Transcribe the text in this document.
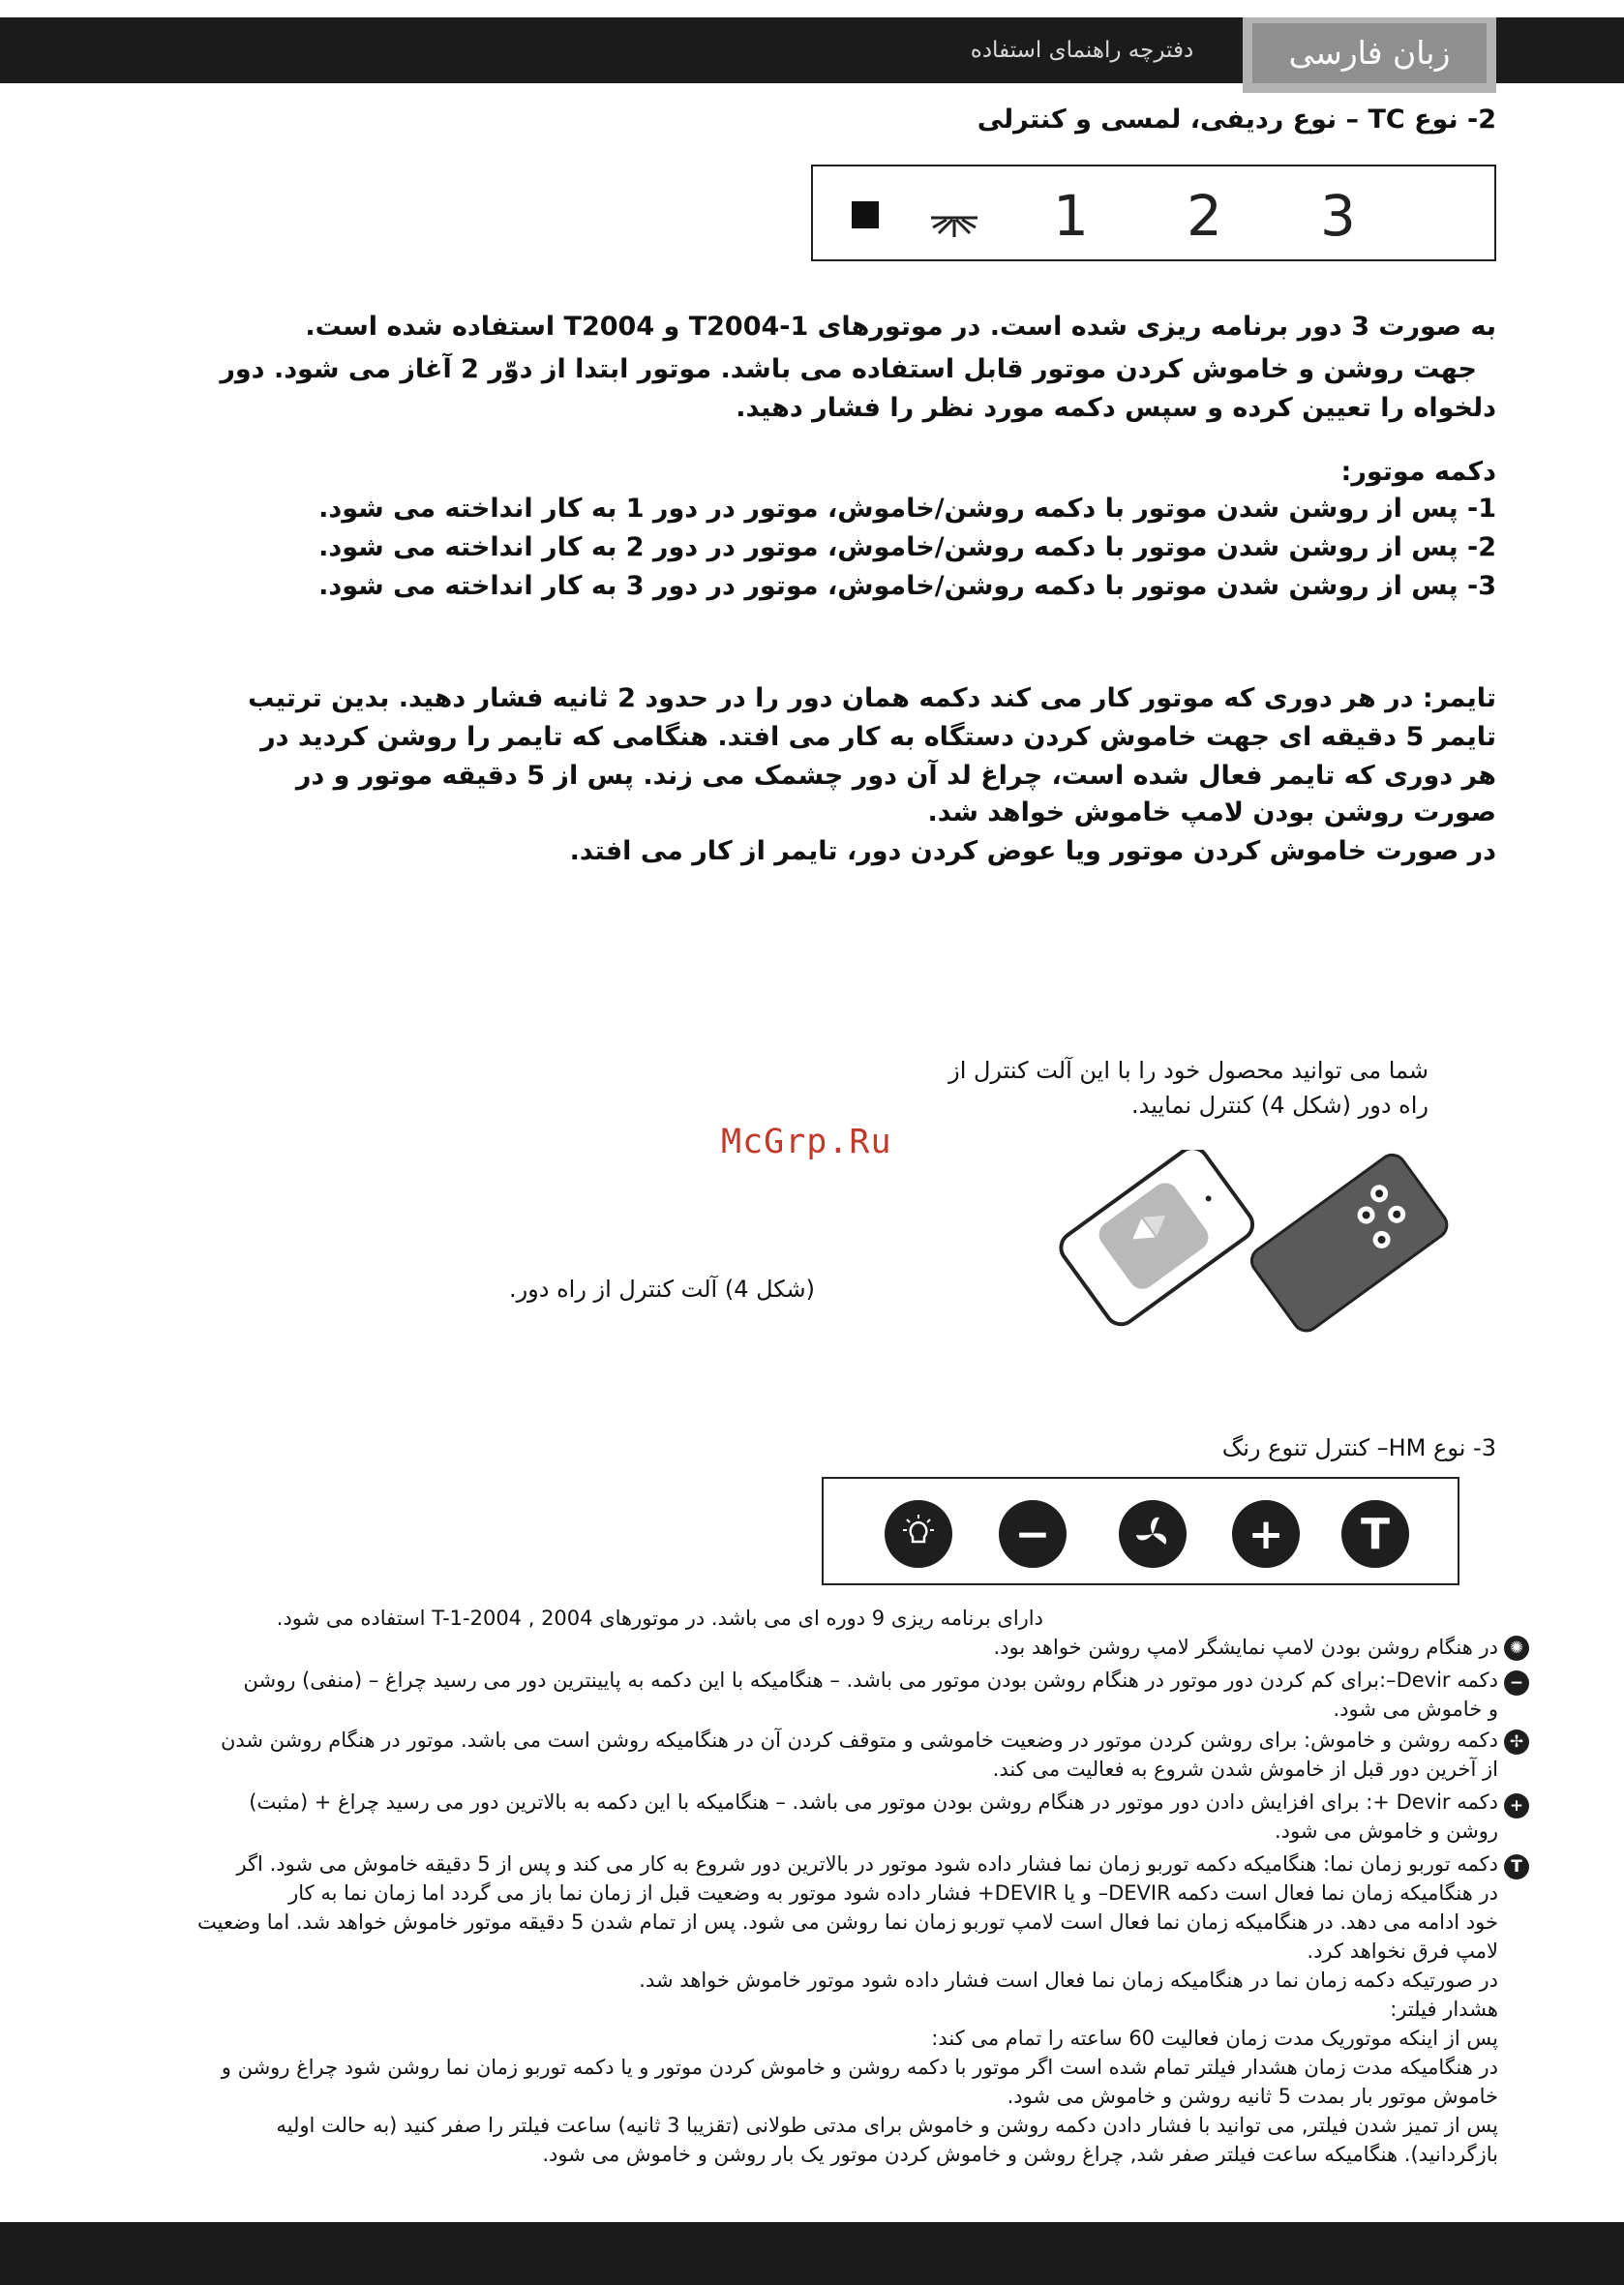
دفترچه راهنمای استفاده	زبان فارسی
2- نوع TC – نوع ردیفی، لمسی و کنترلی
1 2 3
به صورت 3 دور برنامه ریزی شده است. در موتورهای T2004-1 و T2004 استفاده شده است.
جهت روشن و خاموش کردن موتور قابل استفاده می باشد. موتور ابتدا از دوّر 2 آغاز می شود. دور
دلخواه را تعیین کرده و سپس دکمه مورد نظر را فشار دهید.
دکمه موتور:
1- پس از روشن شدن موتور با دکمه روشن/خاموش، موتور در دور 1 به کار انداخته می شود.
2- پس از روشن شدن موتور با دکمه روشن/خاموش، موتور در دور 2 به کار انداخته می شود.
3- پس از روشن شدن موتور با دکمه روشن/خاموش، موتور در دور 3 به کار انداخته می شود.
تایمر: در هر دوری که موتور کار می کند دکمه همان دور را در حدود 2 ثانیه فشار دهید. بدین ترتیب
تایمر 5 دقیقه ای جهت خاموش کردن دستگاه به کار می افتد. هنگامی که تایمر را روشن کردید در
هر دوری که تایمر فعال شده است، چراغ لد آن دور چشمک می زند. پس از 5 دقیقه موتور و در
صورت روشن بودن لامپ خاموش خواهد شد.
در صورت خاموش کردن موتور ویا عوض کردن دور، تایمر از کار می افتد.
شما می توانید محصول خود را با این آلت کنترل از
راه دور (شکل 4) کنترل نمایید.
McGrp.Ru
(شکل 4) آلت کنترل از راه دور.
3- نوع HM– کنترل تنوع رنگ
−	+	T
دارای برنامه ریزی 9 دوره ای می باشد. در موتورهای T-1-2004 , 2004 استفاده می شود.
✺
در هنگام روشن بودن لامپ نمایشگر لامپ روشن خواهد بود.
−
دکمه Devir–:برای کم کردن دور موتور در هنگام روشن بودن موتور می باشد. – هنگامیکه با این دکمه به پایینترین دور می رسید چراغ – (منفی) روشن
و خاموش می شود.
✢
دکمه روشن و خاموش: برای روشن کردن موتور در وضعیت خاموشی و متوقف کردن آن در هنگامیکه روشن است می باشد. موتور در هنگام روشن شدن
از آخرین دور قبل از خاموش شدن شروع به فعالیت می کند.
+
دکمه Devir +: برای افزایش دادن دور موتور در هنگام روشن بودن موتور می باشد. – هنگامیکه با این دکمه به بالاترین دور می رسید چراغ + (مثبت)
روشن و خاموش می شود.
T
دکمه توربو زمان نما: هنگامیکه دکمه توربو زمان نما فشار داده شود موتور در بالاترین دور شروع به کار می کند و پس از 5 دقیقه خاموش می شود. اگر
در هنگامیکه زمان نما فعال است دکمه DEVIR– و یا DEVIR+ فشار داده شود موتور به وضعیت قبل از زمان نما باز می گردد اما زمان نما به کار
خود ادامه می دهد. در هنگامیکه زمان نما فعال است لامپ توربو زمان نما روشن می شود. پس از تمام شدن 5 دقیقه موتور خاموش خواهد شد. اما وضعیت
لامپ فرق نخواهد کرد.
در صورتیکه دکمه زمان نما در هنگامیکه زمان نما فعال است فشار داده شود موتور خاموش خواهد شد.
هشدار فیلتر:
پس از اینکه موتوریک مدت زمان فعالیت 60 ساعته را تمام می کند:
در هنگامیکه مدت زمان هشدار فیلتر تمام شده است اگر موتور با دکمه روشن و خاموش کردن موتور و یا دکمه توربو زمان نما روشن شود چراغ روشن و
خاموش موتور بار بمدت 5 ثانیه روشن و خاموش می شود.
پس از تمیز شدن فیلتر, می توانید با فشار دادن دکمه روشن و خاموش برای مدتی طولانی (تقزیبا 3 ثانیه) ساعت فیلتر را صفر کنید (به حالت اولیه
بازگردانید). هنگامیکه ساعت فیلتر صفر شد, چراغ روشن و خاموش کردن موتور یک بار روشن و خاموش می شود.
